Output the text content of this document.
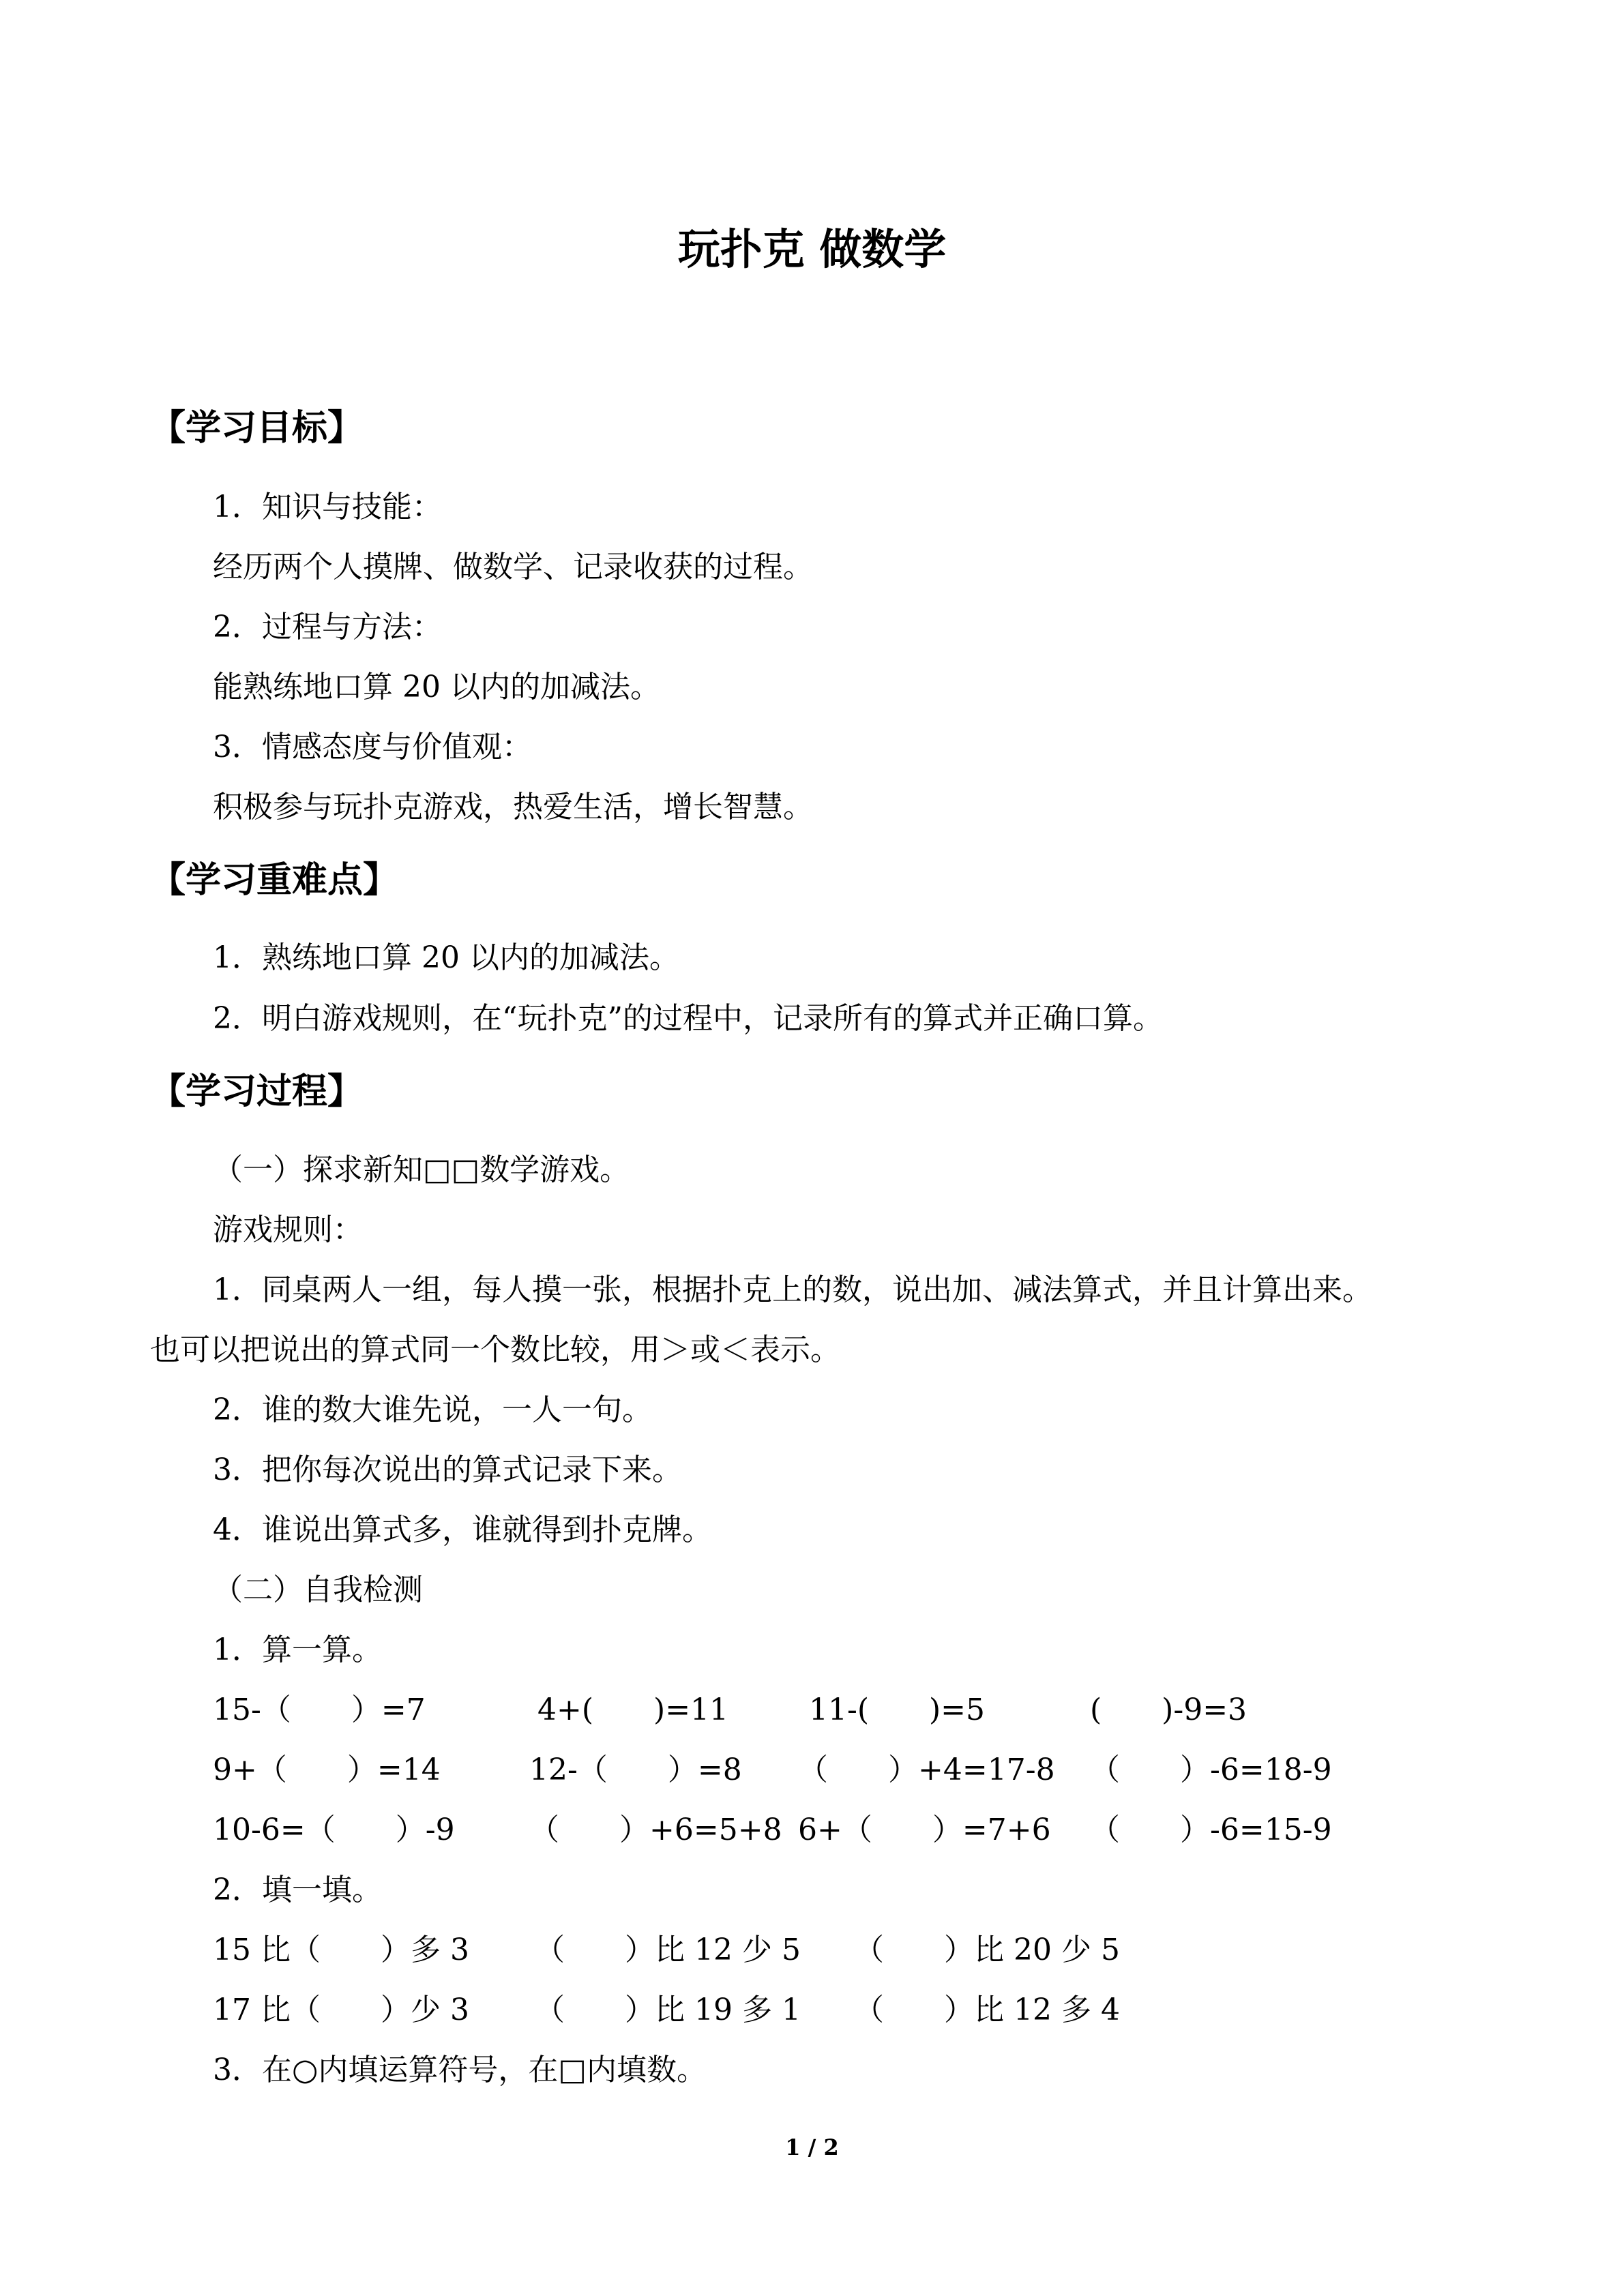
玩扑克 做数学
【学习目标】
1．知识与技能：
经历两个人摸牌、做数学、记录收获的过程。
2．过程与方法：
能熟练地口算 20 以内的加减法。
3．情感态度与价值观：
积极参与玩扑克游戏，热爱生活，增长智慧。
【学习重难点】
1．熟练地口算 20 以内的加减法。
2．明白游戏规则，在“玩扑克”的过程中，记录所有的算式并正确口算。
【学习过程】
（一）探求新知□□数学游戏。
游戏规则：
1．同桌两人一组，每人摸一张，根据扑克上的数，说出加、减法算式，并且计算出来。
也可以把说出的算式同一个数比较，用＞或＜表示。
2．谁的数大谁先说，一人一句。
3．把你每次说出的算式记录下来。
4．谁说出算式多，谁就得到扑克牌。
（二）自我检测
1．算一算。
15-（　　）=7	4+(　　)=11	11-(　　)=5	(　　)-9=3
9+（　　）=14	12-（　　）=8 （　　）+4=17-8 （　　）-6=18-9
10-6=（　　）-9 （　　）+6=5+8 6+（　　）=7+6 （　　）-6=15-9
2．填一填。
15 比（　　）多 3 （　　）比 12 少 5 （　　）比 20 少 5
17 比（　　）少 3 （　　）比 19 多 1 （　　）比 12 多 4
3．在○内填运算符号，在□内填数。
1 / 2
